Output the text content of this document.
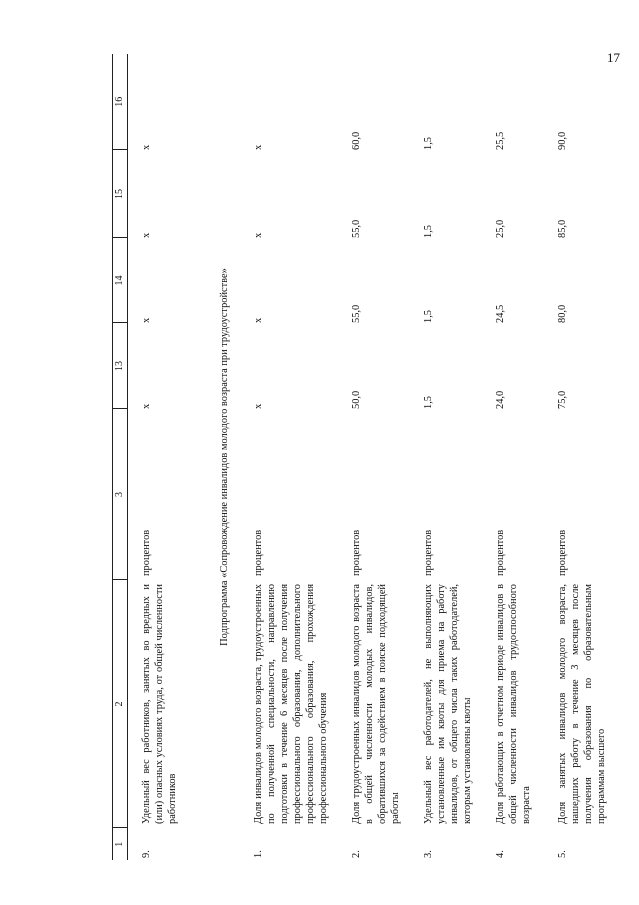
17
1	2	3	13	14	15	16
9.	Удельный вес работников, занятых во вредных и (или) опасных условиях труда, от общей численности работников	процентов	x	x	x	x
Подпрограмма «Сопровождение инвалидов молодого возраста при трудоустройстве»						
1.	Доля инвалидов молодого возраста, трудоустроенных по полученной специальности, направлению подготовки в течение 6 месяцев после получения профессионального образования, дополнительного профессионального образования, прохождения профессионального обучения	процентов	x	x	x	x
2.	Доля трудоустроенных инвалидов молодого возраста в общей численности молодых инвалидов, обратившихся за содействием в поиске подходящей работы	процентов	50,0	55,0	55,0	60,0
3.	Удельный вес работодателей, не выполняющих установленные им квоты для приема на работу инвалидов, от общего числа таких работодателей, которым установлены квоты	процентов	1,5	1,5	1,5	1,5
4.	Доля работающих в отчетном периоде инвалидов в общей численности инвалидов трудоспособного возраста	процентов	24,0	24,5	25,0	25,5
5.	Доля занятых инвалидов молодого возраста, нашедших работу в течение 3 месяцев после получения образования по образовательным программам высшего	процентов	75,0	80,0	85,0	90,0
